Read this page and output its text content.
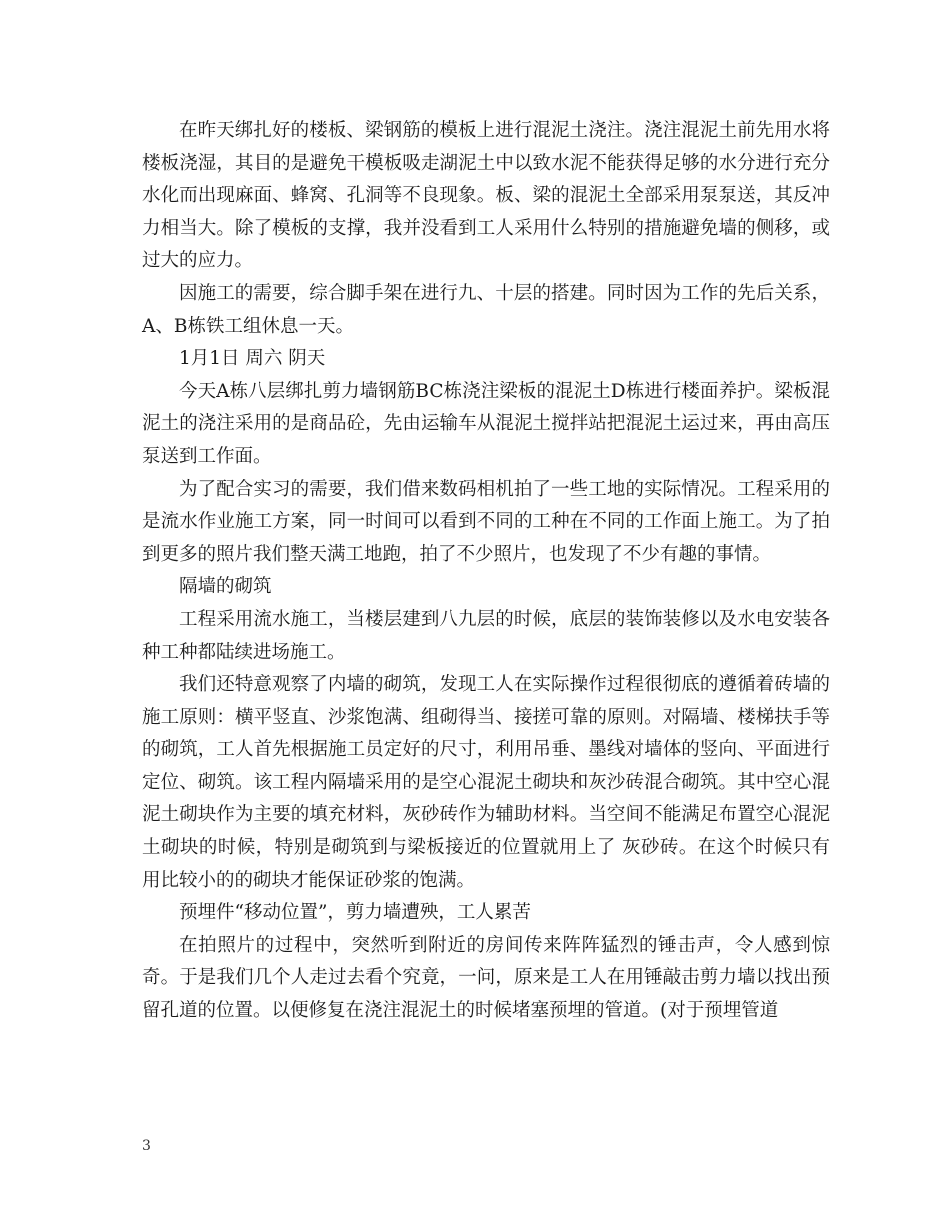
在昨天绑扎好的楼板、梁钢筋的模板上进行混泥土浇注。浇注混泥土前先用水将楼板浇湿，其目的是避免干模板吸走湖泥土中以致水泥不能获得足够的水分进行充分水化而出现麻面、蜂窝、孔洞等不良现象。板、梁的混泥土全部采用泵泵送，其反冲力相当大。除了模板的支撑，我并没看到工人采用什么特别的措施避免墙的侧移，或过大的应力。

因施工的需要，综合脚手架在进行九、十层的搭建。同时因为工作的先后关系，A、B栋铁工组休息一天。

1月1日 周六 阴天

今天A栋八层绑扎剪力墙钢筋BC栋浇注梁板的混泥土D栋进行楼面养护。梁板混泥土的浇注采用的是商品砼，先由运输车从混泥土搅拌站把混泥土运过来，再由高压泵送到工作面。

为了配合实习的需要，我们借来数码相机拍了一些工地的实际情况。工程采用的是流水作业施工方案，同一时间可以看到不同的工种在不同的工作面上施工。为了拍到更多的照片我们整天满工地跑，拍了不少照片，也发现了不少有趣的事情。

隔墙的砌筑

工程采用流水施工，当楼层建到八九层的时候，底层的装饰装修以及水电安装各种工种都陆续进场施工。

我们还特意观察了内墙的砌筑，发现工人在实际操作过程很彻底的遵循着砖墙的施工原则：横平竖直、沙浆饱满、组砌得当、接搓可靠的原则。对隔墙、楼梯扶手等的砌筑，工人首先根据施工员定好的尺寸，利用吊垂、墨线对墙体的竖向、平面进行定位、砌筑。该工程内隔墙采用的是空心混泥土砌块和灰沙砖混合砌筑。其中空心混泥土砌块作为主要的填充材料，灰砂砖作为辅助材料。当空间不能满足布置空心混泥土砌块的时候，特别是砌筑到与梁板接近的位置就用上了 灰砂砖。在这个时候只有用比较小的的砌块才能保证砂浆的饱满。

预埋件“移动位置”，剪力墙遭殃，工人累苦

在拍照片的过程中，突然听到附近的房间传来阵阵猛烈的锤击声，令人感到惊奇。于是我们几个人走过去看个究竟，一问，原来是工人在用锤敲击剪力墙以找出预留孔道的位置。以便修复在浇注混泥土的时候堵塞预埋的管道。(对于预埋管道

3
